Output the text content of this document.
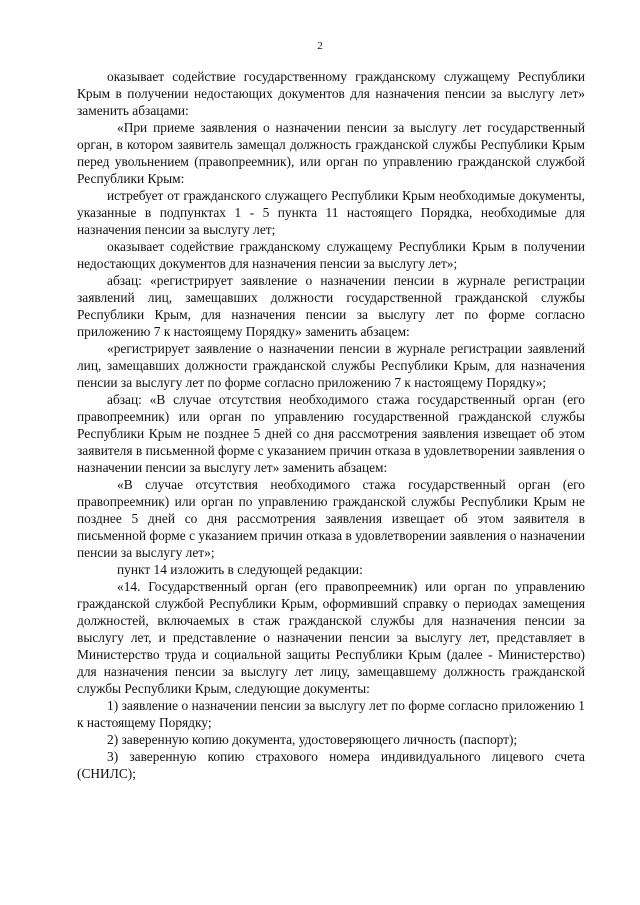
2

оказывает содействие государственному гражданскому служащему Республики Крым в получении недостающих документов для назначения пенсии за выслугу лет» заменить абзацами:

«При приеме заявления о назначении пенсии за выслугу лет государственный орган, в котором заявитель замещал должность гражданской службы Республики Крым перед увольнением (правопреемник), или орган по управлению гражданской службой Республики Крым:

истребует от гражданского служащего Республики Крым необходимые документы, указанные в подпунктах 1 - 5 пункта 11 настоящего Порядка, необходимые для назначения пенсии за выслугу лет;

оказывает содействие гражданскому служащему Республики Крым в получении недостающих документов для назначения пенсии за выслугу лет»;

абзац: «регистрирует заявление о назначении пенсии в журнале регистрации заявлений лиц, замещавших должности государственной гражданской службы Республики Крым, для назначения пенсии за выслугу лет по форме согласно приложению 7 к настоящему Порядку» заменить абзацем:

«регистрирует заявление о назначении пенсии в журнале регистрации заявлений лиц, замещавших должности гражданской службы Республики Крым, для назначения пенсии за выслугу лет по форме согласно приложению 7 к настоящему Порядку»;

абзац: «В случае отсутствия необходимого стажа государственный орган (его правопреемник) или орган по управлению государственной гражданской службы Республики Крым не позднее 5 дней со дня рассмотрения заявления извещает об этом заявителя в письменной форме с указанием причин отказа в удовлетворении заявления о назначении пенсии за выслугу лет» заменить абзацем:

«В случае отсутствия необходимого стажа государственный орган (его правопреемник) или орган по управлению гражданской службы Республики Крым не позднее 5 дней со дня рассмотрения заявления извещает об этом заявителя в письменной форме с указанием причин отказа в удовлетворении заявления о назначении пенсии за выслугу лет»;

пункт 14 изложить в следующей редакции:

«14. Государственный орган (его правопреемник) или орган по управлению гражданской службой Республики Крым, оформивший справку о периодах замещения должностей, включаемых в стаж гражданской службы для назначения пенсии за выслугу лет, и представление о назначении пенсии за выслугу лет, представляет в Министерство труда и социальной защиты Республики Крым (далее - Министерство) для назначения пенсии за выслугу лет лицу, замещавшему должность гражданской службы Республики Крым, следующие документы:

1) заявление о назначении пенсии за выслугу лет по форме согласно приложению 1 к настоящему Порядку;

2) заверенную копию документа, удостоверяющего личность (паспорт);

3) заверенную копию страхового номера индивидуального лицевого счета (СНИЛС);
